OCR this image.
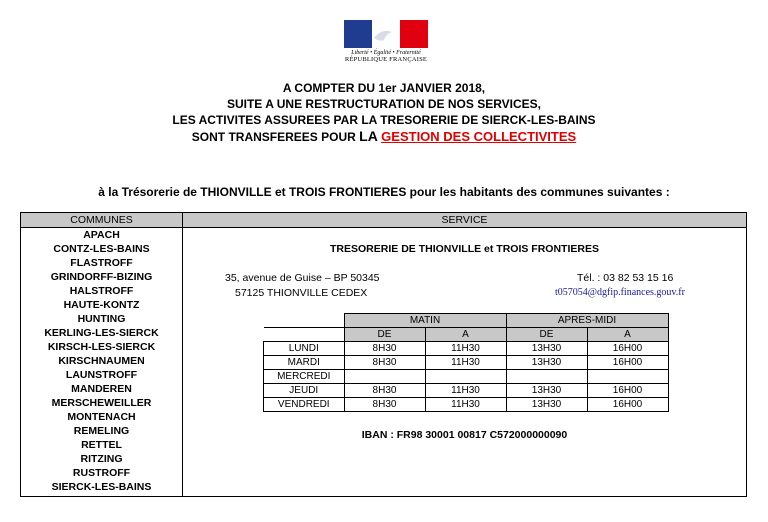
Liberté • Égalité • Fraternité
RÉPUBLIQUE FRANÇAISE
A COMPTER DU 1er JANVIER 2018,
SUITE A UNE RESTRUCTURATION DE NOS SERVICES,
LES ACTIVITES ASSUREES PAR LA TRESORERIE DE SIERCK-LES-BAINS
SONT TRANSFEREES POUR LA GESTION DES COLLECTIVITES
à la Trésorerie de THIONVILLE et TROIS FRONTIERES pour les habitants des communes suivantes :
COMMUNES
APACH
CONTZ-LES-BAINS
FLASTROFF
GRINDORFF-BIZING
HALSTROFF
HAUTE-KONTZ
HUNTING
KERLING-LES-SIERCK
KIRSCH-LES-SIERCK
KIRSCHNAUMEN
LAUNSTROFF
MANDEREN
MERSCHEWEILLER
MONTENACH
REMELING
RETTEL
RITZING
RUSTROFF
SIERCK-LES-BAINS
SERVICE
TRESORERIE DE THIONVILLE et TROIS FRONTIERES
35, avenue de Guise – BP 50345
57125 THIONVILLE CEDEX
Tél. : 03 82 53 15 16
t057054@dgfip.finances.gouv.fr
	MATIN		APRES-MIDI	
	DE	A	DE	A
LUNDI	8H30	11H30	13H30	16H00
MARDI	8H30	11H30	13H30	16H00
MERCREDI				
JEUDI	8H30	11H30	13H30	16H00
VENDREDI	8H30	11H30	13H30	16H00
IBAN : FR98 30001 00817 C572000000090
